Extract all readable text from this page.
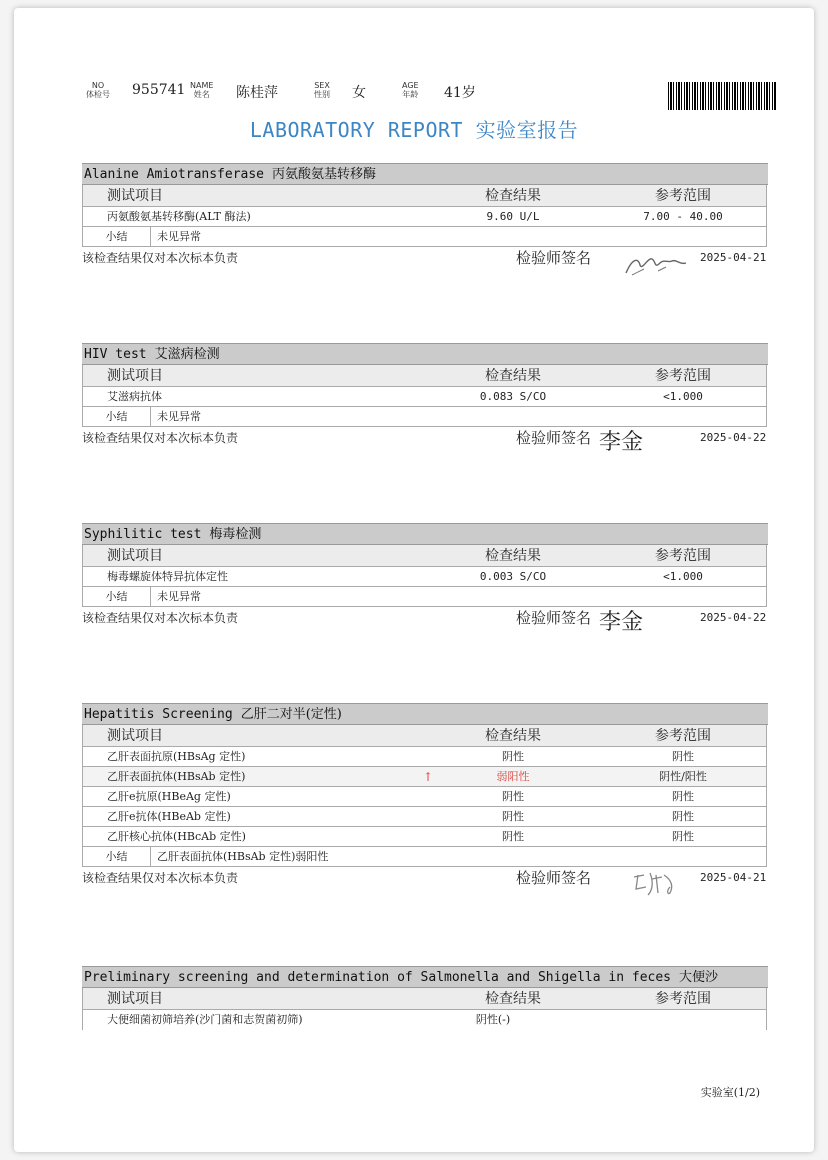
NO
体检号 955741 NAME
姓名 陈桂萍	SEX
性别 女	AGE
年龄 41岁
LABORATORY REPORT 实验室报告
Alanine Amiotransferase 丙氨酸氨基转移酶
测试项目	检查结果	参考范围
丙氨酸氨基转移酶(ALT 酶法)	9.60 U/L	7.00 - 40.00
小结	未见异常
该检查结果仅对本次标本负责	检验师签名	2025-04-21
HIV test 艾滋病检测
测试项目	检查结果	参考范围
艾滋病抗体	0.083 S/CO	<1.000
小结	未见异常
该检查结果仅对本次标本负责	检验师签名 李金	2025-04-22
Syphilitic test 梅毒检测
测试项目	检查结果	参考范围
梅毒螺旋体特异抗体定性	0.003 S/CO	<1.000
小结	未见异常
该检查结果仅对本次标本负责	检验师签名 李金	2025-04-22
Hepatitis Screening 乙肝二对半(定性)
测试项目	检查结果	参考范围
乙肝表面抗原(HBsAg 定性)	阴性	阴性
乙肝表面抗体(HBsAb 定性)	↑	弱阳性	阴性/阳性
乙肝e抗原(HBeAg 定性)	阴性	阴性
乙肝e抗体(HBeAb 定性)	阴性	阴性
乙肝核心抗体(HBcAb 定性)	阴性	阴性
小结	乙肝表面抗体(HBsAb 定性)弱阳性
该检查结果仅对本次标本负责	检验师签名	2025-04-21
Preliminary screening and determination of Salmonella and Shigella in feces 大便沙
测试项目	检查结果	参考范围
大便细菌初筛培养(沙门菌和志贺菌初筛)	阴性(-)
实验室(1/2)
